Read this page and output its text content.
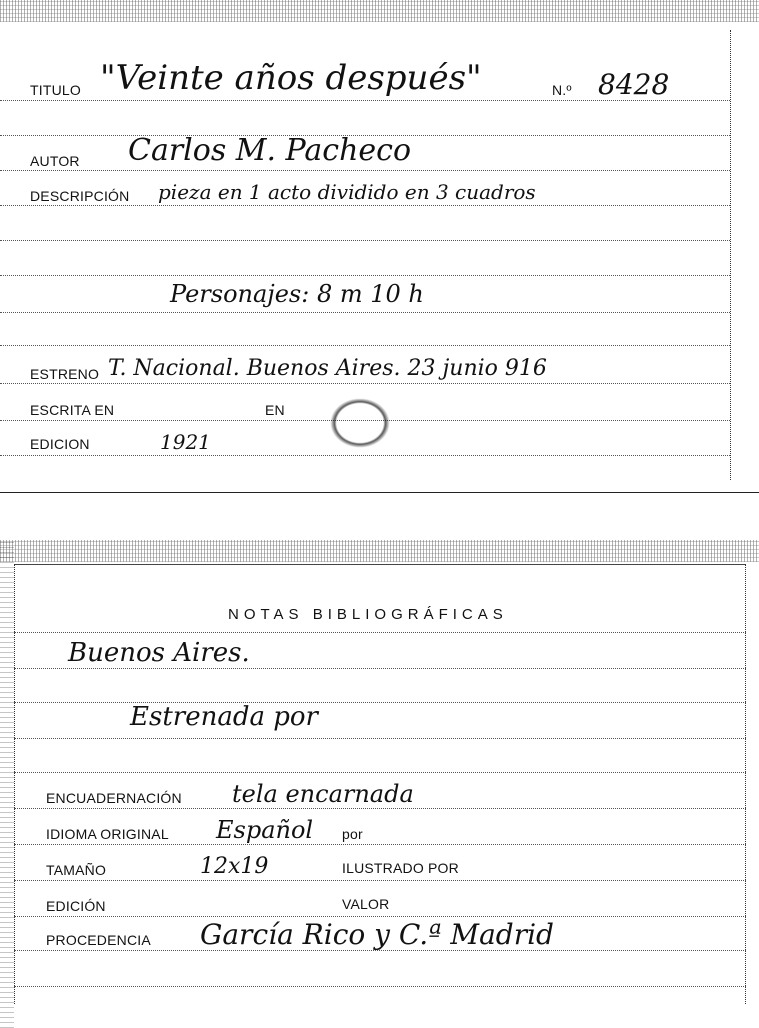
TITULO "Veinte años después"	N.º 8428
AUTOR Carlos M. Pacheco
DESCRIPCIÓN pieza en 1 acto dividido en 3 cuadros
Personajes: 8 m 10 h
ESTRENO T. Nacional. Buenos Aires. 23 junio 916
ESCRITA EN	EN
EDICION	1921
NOTAS BIBLIOGRÁFICAS
Buenos Aires.
Estrenada por
ENCUADERNACIÓN tela encarnada
IDIOMA ORIGINAL Español por
TAMAÑO	12x19	ILUSTRADO POR
EDICIÓN	VALOR
PROCEDENCIA García Rico y C.ª Madrid
